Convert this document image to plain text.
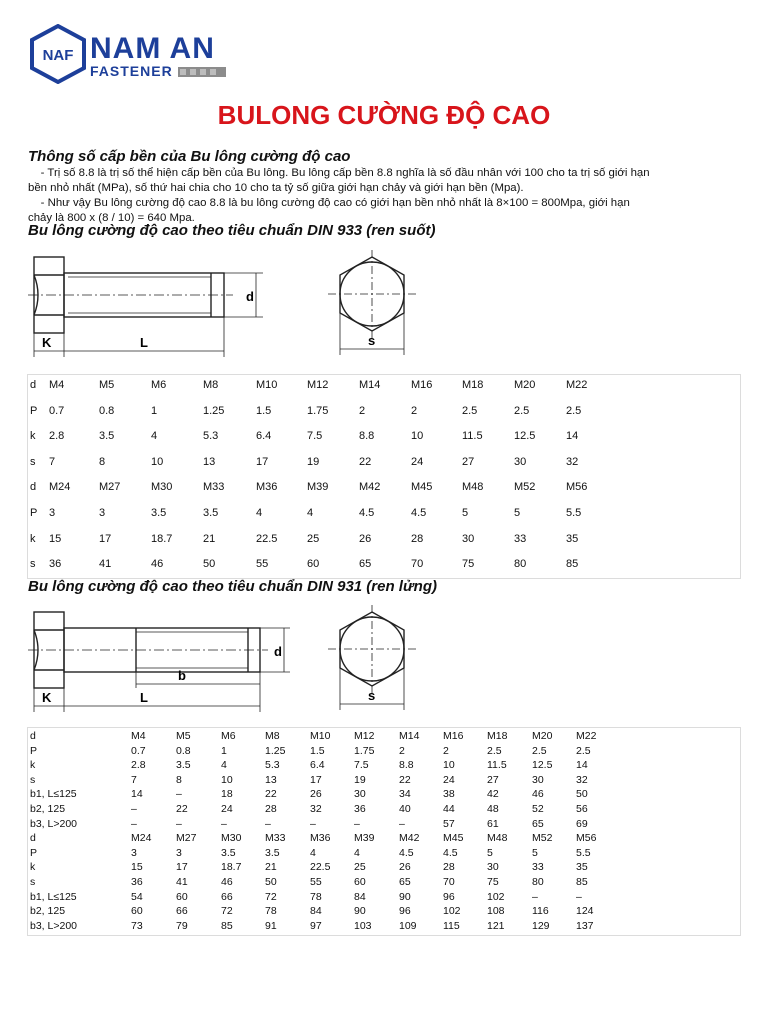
NAF NAM AN
FASTENER
BULONG CƯỜNG ĐỘ CAO
Thông số cấp bền của Bu lông cường độ cao
- Trị số 8.8 là trị số thể hiện cấp bền của Bu lông. Bu lông cấp bền 8.8 nghĩa là số đầu nhân với 100 cho ta trị số giới hạn
bền nhỏ nhất (MPa), số thứ hai chia cho 10 cho ta tỷ số giữa giới hạn chảy và giới hạn bền (Mpa).
- Như vậy Bu lông cường độ cao 8.8 là bu lông cường độ cao có giới hạn bền nhỏ nhất là 8×100 = 800Mpa, giới hạn
chảy là 800 x (8 / 10) = 640 Mpa.
Bu lông cường độ cao theo tiêu chuẩn DIN 933 (ren suốt)
K	L
d
s
d M4	M5	M6	M8	M10	M12	M14	M16	M18	M20	M22
P 0.7	0.8	1	1.25	1.5	1.75	2	2	2.5	2.5	2.5
k 2.8	3.5	4	5.3	6.4	7.5	8.8	10	11.5	12.5	14
s 7	8	10	13	17	19	22	24	27	30	32
d M24	M27	M30	M33	M36	M39	M42	M45	M48	M52	M56
P 3	3	3.5	3.5	4	4	4.5	4.5	5	5	5.5
k 15	17	18.7	21	22.5	25	26	28	30	33	35
s 36	41	46	50	55	60	65	70	75	80	85
Bu lông cường độ cao theo tiêu chuẩn DIN 931 (ren lửng)
K	L
b
d
s
d	M4	M5	M6	M8	M10 M12 M14 M16 M18 M20 M22
P	0.7	0.8	1	1.25 1.5	1.75 2	2	2.5	2.5	2.5
k	2.8	3.5	4	5.3	6.4	7.5	8.8	10	11.5 12.5 14
s	7	8	10	13	17	19	22	24	27	30	32
b1, L≤125	14	–	18	22	26	30	34	38	42	46	50
b2, 125	–	22	24	28	32	36	40	44	48	52	56
b3, L>200	–	–	–	–	–	–	–	57	61	65	69
d	M24 M27 M30 M33 M36 M39 M42 M45 M48 M52 M56
P	3	3	3.5	3.5	4	4	4.5	4.5	5	5	5.5
k	15	17	18.7 21	22.5 25	26	28	30	33	35
s	36	41	46	50	55	60	65	70	75	80	85
b1, L≤125	54	60	66	72	78	84	90	96	102	–	–
b2, 125	60	66	72	78	84	90	96	102	108	116	124
b3, L>200	73	79	85	91	97	103	109	115	121	129	137
